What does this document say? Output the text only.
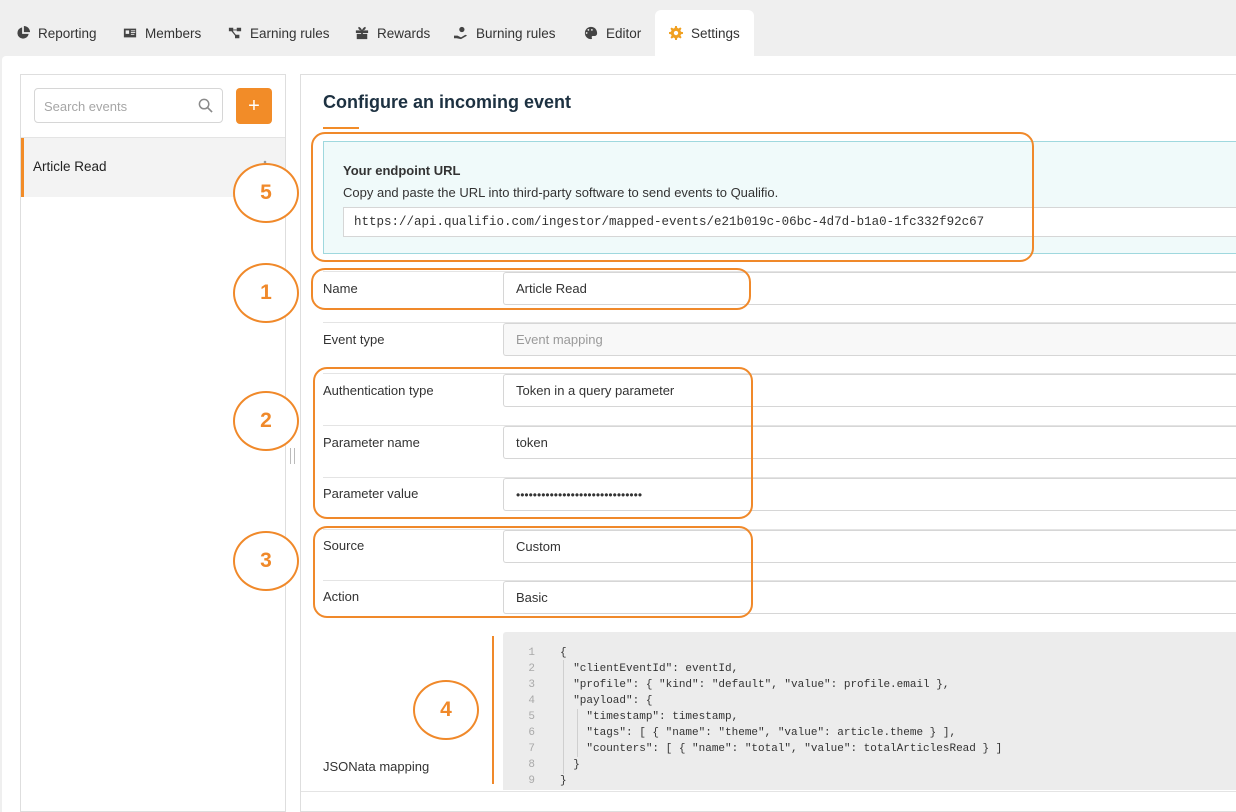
Reporting	Members	Earning rules	Rewards	Burning rules	Editor	Settings
Search events
+
Article Read
Configure an incoming event
Your endpoint URL
Copy and paste the URL into third-party software to send events to Qualifio.
https://api.qualifio.com/ingestor/mapped-events/e21b019c-06bc-4d7d-b1a0-1fc332f92c67
Name	Article Read
Event type	Event mapping
Authentication type	Token in a query parameter
Parameter name	token
Parameter value	••••••••••••••••••••••••••••••
Source	Custom
Action	Basic
JSONata mapping
1 {
2 "clientEventId": eventId,
3 "profile": { "kind": "default", "value": profile.email },
4 "payload": {
5 "timestamp": timestamp,
6 "tags": [ { "name": "theme", "value": article.theme } ],
7 "counters": [ { "name": "total", "value": totalArticlesRead } ]
8 }
9 }
5
1
2
3
4
